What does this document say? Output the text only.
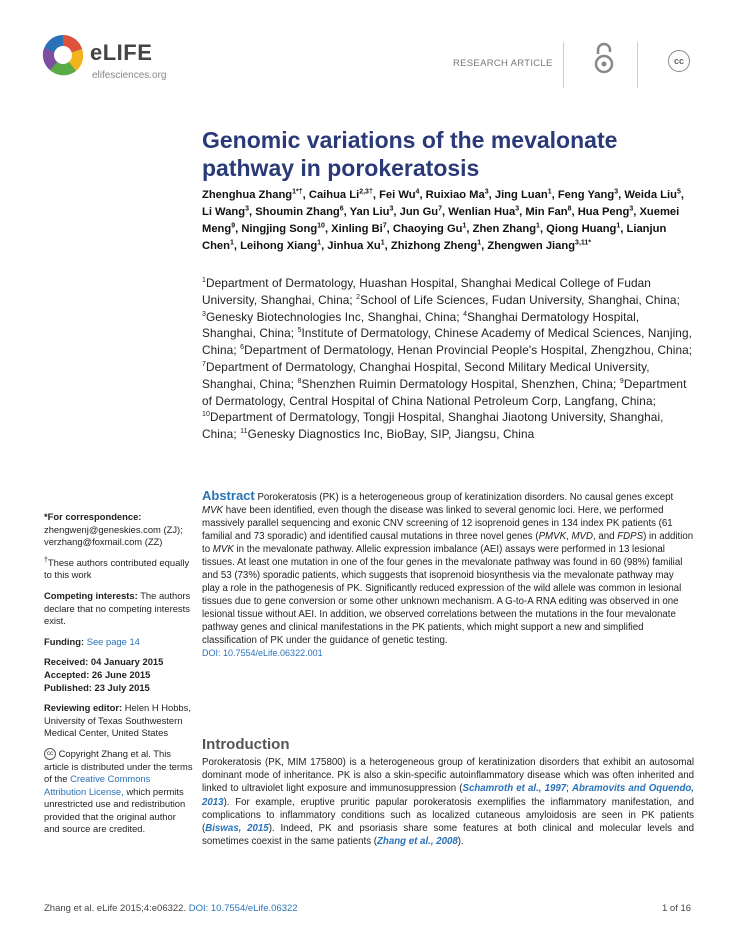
eLIFE
elifesciences.org
RESEARCH ARTICLE	cc
Genomic variations of the mevalonate
pathway in porokeratosis
Zhenghua Zhang$^{1*\dagger}$, Caihua $Li^{2,3\dagger}$, Fei Wu$^4$, Ruixiao Ma$^3$, Jing Luan$^1$, Feng Yang$^3$, Weida Liu$^5$, Li Wang$^3$, Shoumin Zhang$^6$, Yan Liu$^3$, Jun Gu$^7$, Wenlian Hua$^3$, Min Fan$^8$, Hua Peng$^3$, Xuemei Meng$^9$, Ningjing Song$^{10}$, Xinling Bi$^7$, Chaoying Gu$^1$, Zhen Zhang$^1$, Qiong Huang$^1$, Lianjun Chen$^1$, Leihong Xiang$^1$, Jinhua Xu$^1$, Zhizhong Zheng$^1$, Zhengwen Jiang$^{3,11*}$
$^1$Department of Dermatology, Huashan Hospital, Shanghai Medical College of Fudan University, Shanghai, China; $^2$School of Life Sciences, Fudan University, Shanghai, China; $^3$Genesky Biotechnologies Inc, Shanghai, China; $^4$Shanghai Dermatology Hospital, Shanghai, China; $^5$Institute of Dermatology, Chinese Academy of Medical Sciences, Nanjing, China; $^6$Department of Dermatology, Henan Provincial People's Hospital, Zhengzhou, China; $^7$Department of Dermatology, Changhai Hospital, Second Military Medical University, Shanghai, China; $^8$Shenzhen Ruimin Dermatology Hospital, Shenzhen, China; $^9$Department of Dermatology, Central Hospital of China National Petroleum Corp, Langfang, China; $^{10}$Department of Dermatology, Tongji Hospital, Shanghai Jiaotong University, Shanghai, China; $^{11}$Genesky Diagnostics Inc, BioBay, SIP, Jiangsu, China
*For correspondence:
zhengwenj@geneskies.com (ZJ);
verzhang@foxmail.com (ZZ)
†These authors contributed equally to this work
Competing interests: The authors declare that no competing interests exist.
Funding: See page 14
Received: 04 January 2015
Accepted: 26 June 2015
Published: 23 July 2015
Reviewing editor: Helen H Hobbs, University of Texas Southwestern Medical Center, United States
cc Copyright Zhang et al. This article is distributed under the terms of the Creative Commons Attribution License, which permits unrestricted use and redistribution provided that the original author and source are credited.
Abstract Porokeratosis (PK) is a heterogeneous group of keratinization disorders. No causal genes except MVK have been identified, even though the disease was linked to several genomic loci. Here, we performed massively parallel sequencing and exonic CNV screening of 12 isoprenoid genes in 134 index PK patients (61 familial and 73 sporadic) and identified causal mutations in three novel genes (PMVK, MVD, and FDPS) in addition to MVK in the mevalonate pathway. Allelic expression imbalance (AEI) assays were performed in 13 lesional tissues. At least one mutation in one of the four genes in the mevalonate pathway was found in 60 (98%) familial and 53 (73%) sporadic patients, which suggests that isoprenoid biosynthesis via the mevalonate pathway may play a role in the pathogenesis of PK. Significantly reduced expression of the wild allele was common in lesional tissues due to gene conversion or some other unknown mechanism. A G-to-A RNA editing was observed in one lesional tissue without AEI. In addition, we observed correlations between the mutations in the four mevalonate pathway genes and clinical manifestations in the PK patients, which might support a new and simplified classification of PK under the guidance of genetic testing.
DOI: 10.7554/eLife.06322.001
Introduction
Porokeratosis (PK, MIM 175800) is a heterogeneous group of keratinization disorders that exhibit an autosomal dominant mode of inheritance. PK is also a skin-specific autoinflammatory disease which was often inherited and linked to ultraviolet light exposure and immunosuppression (Schamroth et al., 1997; Abramovits and Oquendo, 2013). For example, eruptive pruritic papular porokeratosis exemplifies the inflammatory manifestation, and complications to inflammatory conditions such as localized cutaneous amyloidosis are seen in PK patients (Biswas, 2015). Indeed, PK and psoriasis share some features at both clinical and molecular levels and sometimes coexist in the same patients (Zhang et al., 2008).
Zhang et al. eLife 2015;4:e06322. DOI: 10.7554/eLife.06322	1 of 16
